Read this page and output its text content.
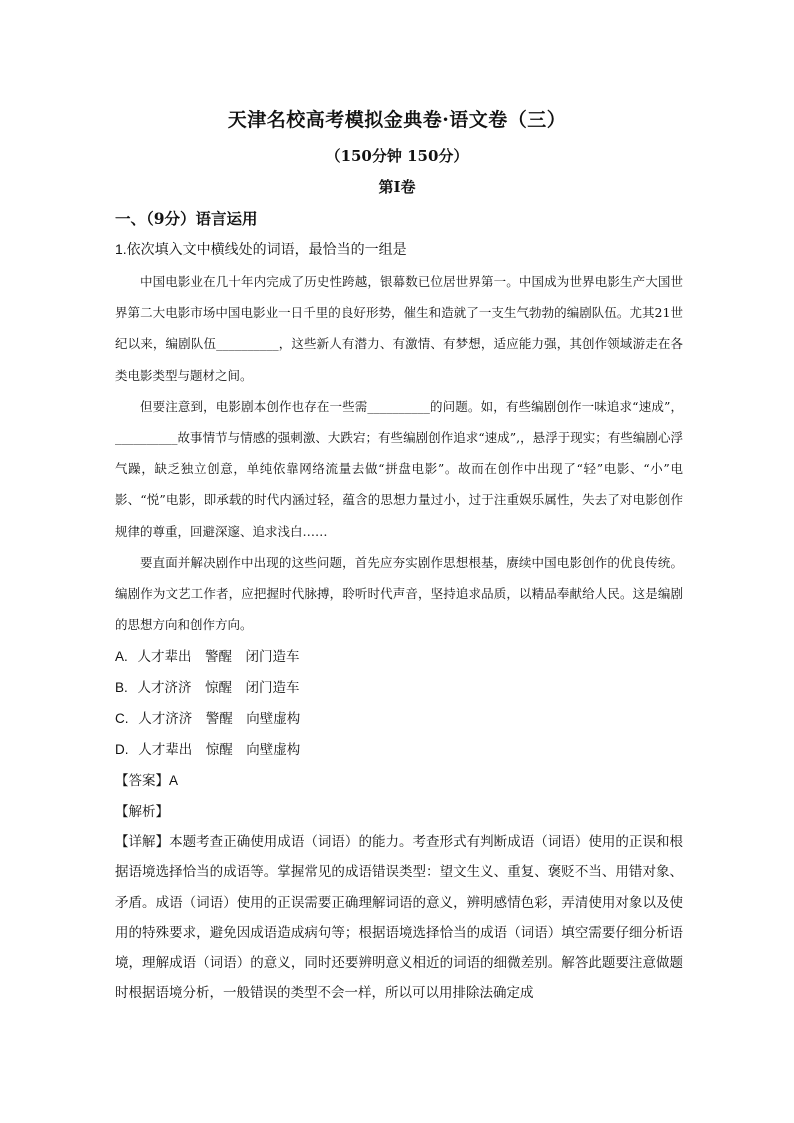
天津名校高考模拟金典卷·语文卷（三）
（150分钟 150分）
第Ⅰ卷
一、（9分）语言运用
1.依次填入文中横线处的词语，最恰当的一组是

中国电影业在几十年内完成了历史性跨越，银幕数已位居世界第一。中国成为世界电影生产大国世界第二大电影市场中国电影业一日千里的良好形势，催生和造就了一支生气勃勃的编剧队伍。尤其21世纪以来，编剧队伍__________，这些新人有潜力、有激情、有梦想，适应能力强，其创作领域游走在各类电影类型与题材之间。

但要注意到，电影剧本创作也存在一些需__________的问题。如，有些编剧创作一味追求“速成”，__________故事情节与情感的强刺激、大跌宕；有些编剧创作追求“速成”,，悬浮于现实；有些编剧心浮气躁，缺乏独立创意，单纯依靠网络流量去做“拼盘电影”。故而在创作中出现了“轻”电影、“小”电影、“悦”电影，即承载的时代内涵过轻，蕴含的思想力量过小，过于注重娱乐属性，失去了对电影创作规律的尊重，回避深邃、追求浅白……

要直面并解决剧作中出现的这些问题，首先应夯实剧作思想根基，赓续中国电影创作的优良传统。编剧作为文艺工作者，应把握时代脉搏，聆听时代声音，坚持追求品质，以精品奉献给人民。这是编剧的思想方向和创作方向。

A. 人才辈出　警醒　闭门造车
B. 人才济济　惊醒　闭门造车
C. 人才济济　警醒　向壁虚构
D. 人才辈出　惊醒　向壁虚构
【答案】A
【解析】

【详解】本题考查正确使用成语（词语）的能力。考查形式有判断成语（词语）使用的正误和根据语境选择恰当的成语等。掌握常见的成语错误类型：望文生义、重复、褒贬不当、用错对象、矛盾。成语（词语）使用的正误需要正确理解词语的意义，辨明感情色彩，弄清使用对象以及使用的特殊要求，避免因成语造成病句等；根据语境选择恰当的成语（词语）填空需要仔细分析语境，理解成语（词语）的意义，同时还要辨明意义相近的词语的细微差别。解答此题要注意做题时根据语境分析，一般错误的类型不会一样，所以可以用排除法确定成
